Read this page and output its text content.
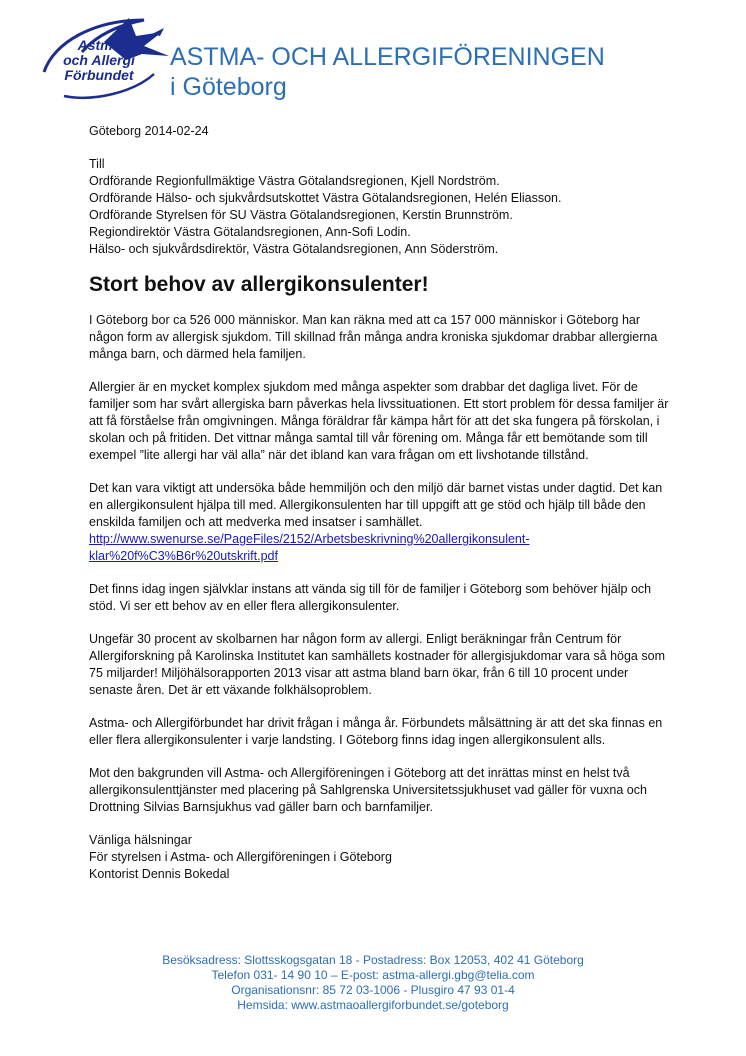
Astma
och Allergi
Förbundet
ASTMA- OCH ALLERGIFÖRENINGEN
i Göteborg
Göteborg 2014-02-24
Till
Ordförande Regionfullmäktige Västra Götalandsregionen, Kjell Nordström.
Ordförande Hälso- och sjukvårdsutskottet Västra Götalandsregionen, Helén Eliasson.
Ordförande Styrelsen för SU Västra Götalandsregionen, Kerstin Brunnström.
Regiondirektör Västra Götalandsregionen, Ann-Sofi Lodin.
Hälso- och sjukvårdsdirektör, Västra Götalandsregionen, Ann Söderström.
Stort behov av allergikonsulenter!

I Göteborg bor ca 526 000 människor. Man kan räkna med att ca 157 000 människor i Göteborg har någon form av allergisk sjukdom. Till skillnad från många andra kroniska sjukdomar drabbar allergierna många barn, och därmed hela familjen.

Allergier är en mycket komplex sjukdom med många aspekter som drabbar det dagliga livet. För de familjer som har svårt allergiska barn påverkas hela livssituationen. Ett stort problem för dessa familjer är att få förståelse från omgivningen. Många föräldrar får kämpa hårt för att det ska fungera på förskolan, i skolan och på fritiden. Det vittnar många samtal till vår förening om. Många får ett bemötande som till exempel ”lite allergi har väl alla” när det ibland kan vara frågan om ett livshotande tillstånd.

Det kan vara viktigt att undersöka både hemmiljön och den miljö där barnet vistas under dagtid. Det kan en allergikonsulent hjälpa till med. Allergikonsulenten har till uppgift att ge stöd och hjälp till både den enskilda familjen och att medverka med insatser i samhället.
http://www.swenurse.se/PageFiles/2152/Arbetsbeskrivning%20allergikonsulent-
klar%20f%C3%B6r%20utskrift.pdf

Det finns idag ingen självklar instans att vända sig till för de familjer i Göteborg som behöver hjälp och stöd. Vi ser ett behov av en eller flera allergikonsulenter.

Ungefär 30 procent av skolbarnen har någon form av allergi. Enligt beräkningar från Centrum för Allergiforskning på Karolinska Institutet kan samhällets kostnader för allergisjukdomar vara så höga som 75 miljarder! Miljöhälsorapporten 2013 visar att astma bland barn ökar, från 6 till 10 procent under senaste åren. Det är ett växande folkhälsoproblem.

Astma- och Allergiförbundet har drivit frågan i många år. Förbundets målsättning är att det ska finnas en eller flera allergikonsulenter i varje landsting. I Göteborg finns idag ingen allergikonsulent alls.

Mot den bakgrunden vill Astma- och Allergiföreningen i Göteborg att det inrättas minst en helst två allergikonsulenttjänster med placering på Sahlgrenska Universitetssjukhuset vad gäller för vuxna och Drottning Silvias Barnsjukhus vad gäller barn och barnfamiljer.

Vänliga hälsningar
För styrelsen i Astma- och Allergiföreningen i Göteborg
Kontorist Dennis Bokedal
Besöksadress: Slottsskogsgatan 18 - Postadress: Box 12053, 402 41 Göteborg
Telefon 031- 14 90 10 – E-post: astma-allergi.gbg@telia.com
Organisationsnr: 85 72 03-1006 - Plusgiro 47 93 01-4
Hemsida: www.astmaoallergiforbundet.se/goteborg
